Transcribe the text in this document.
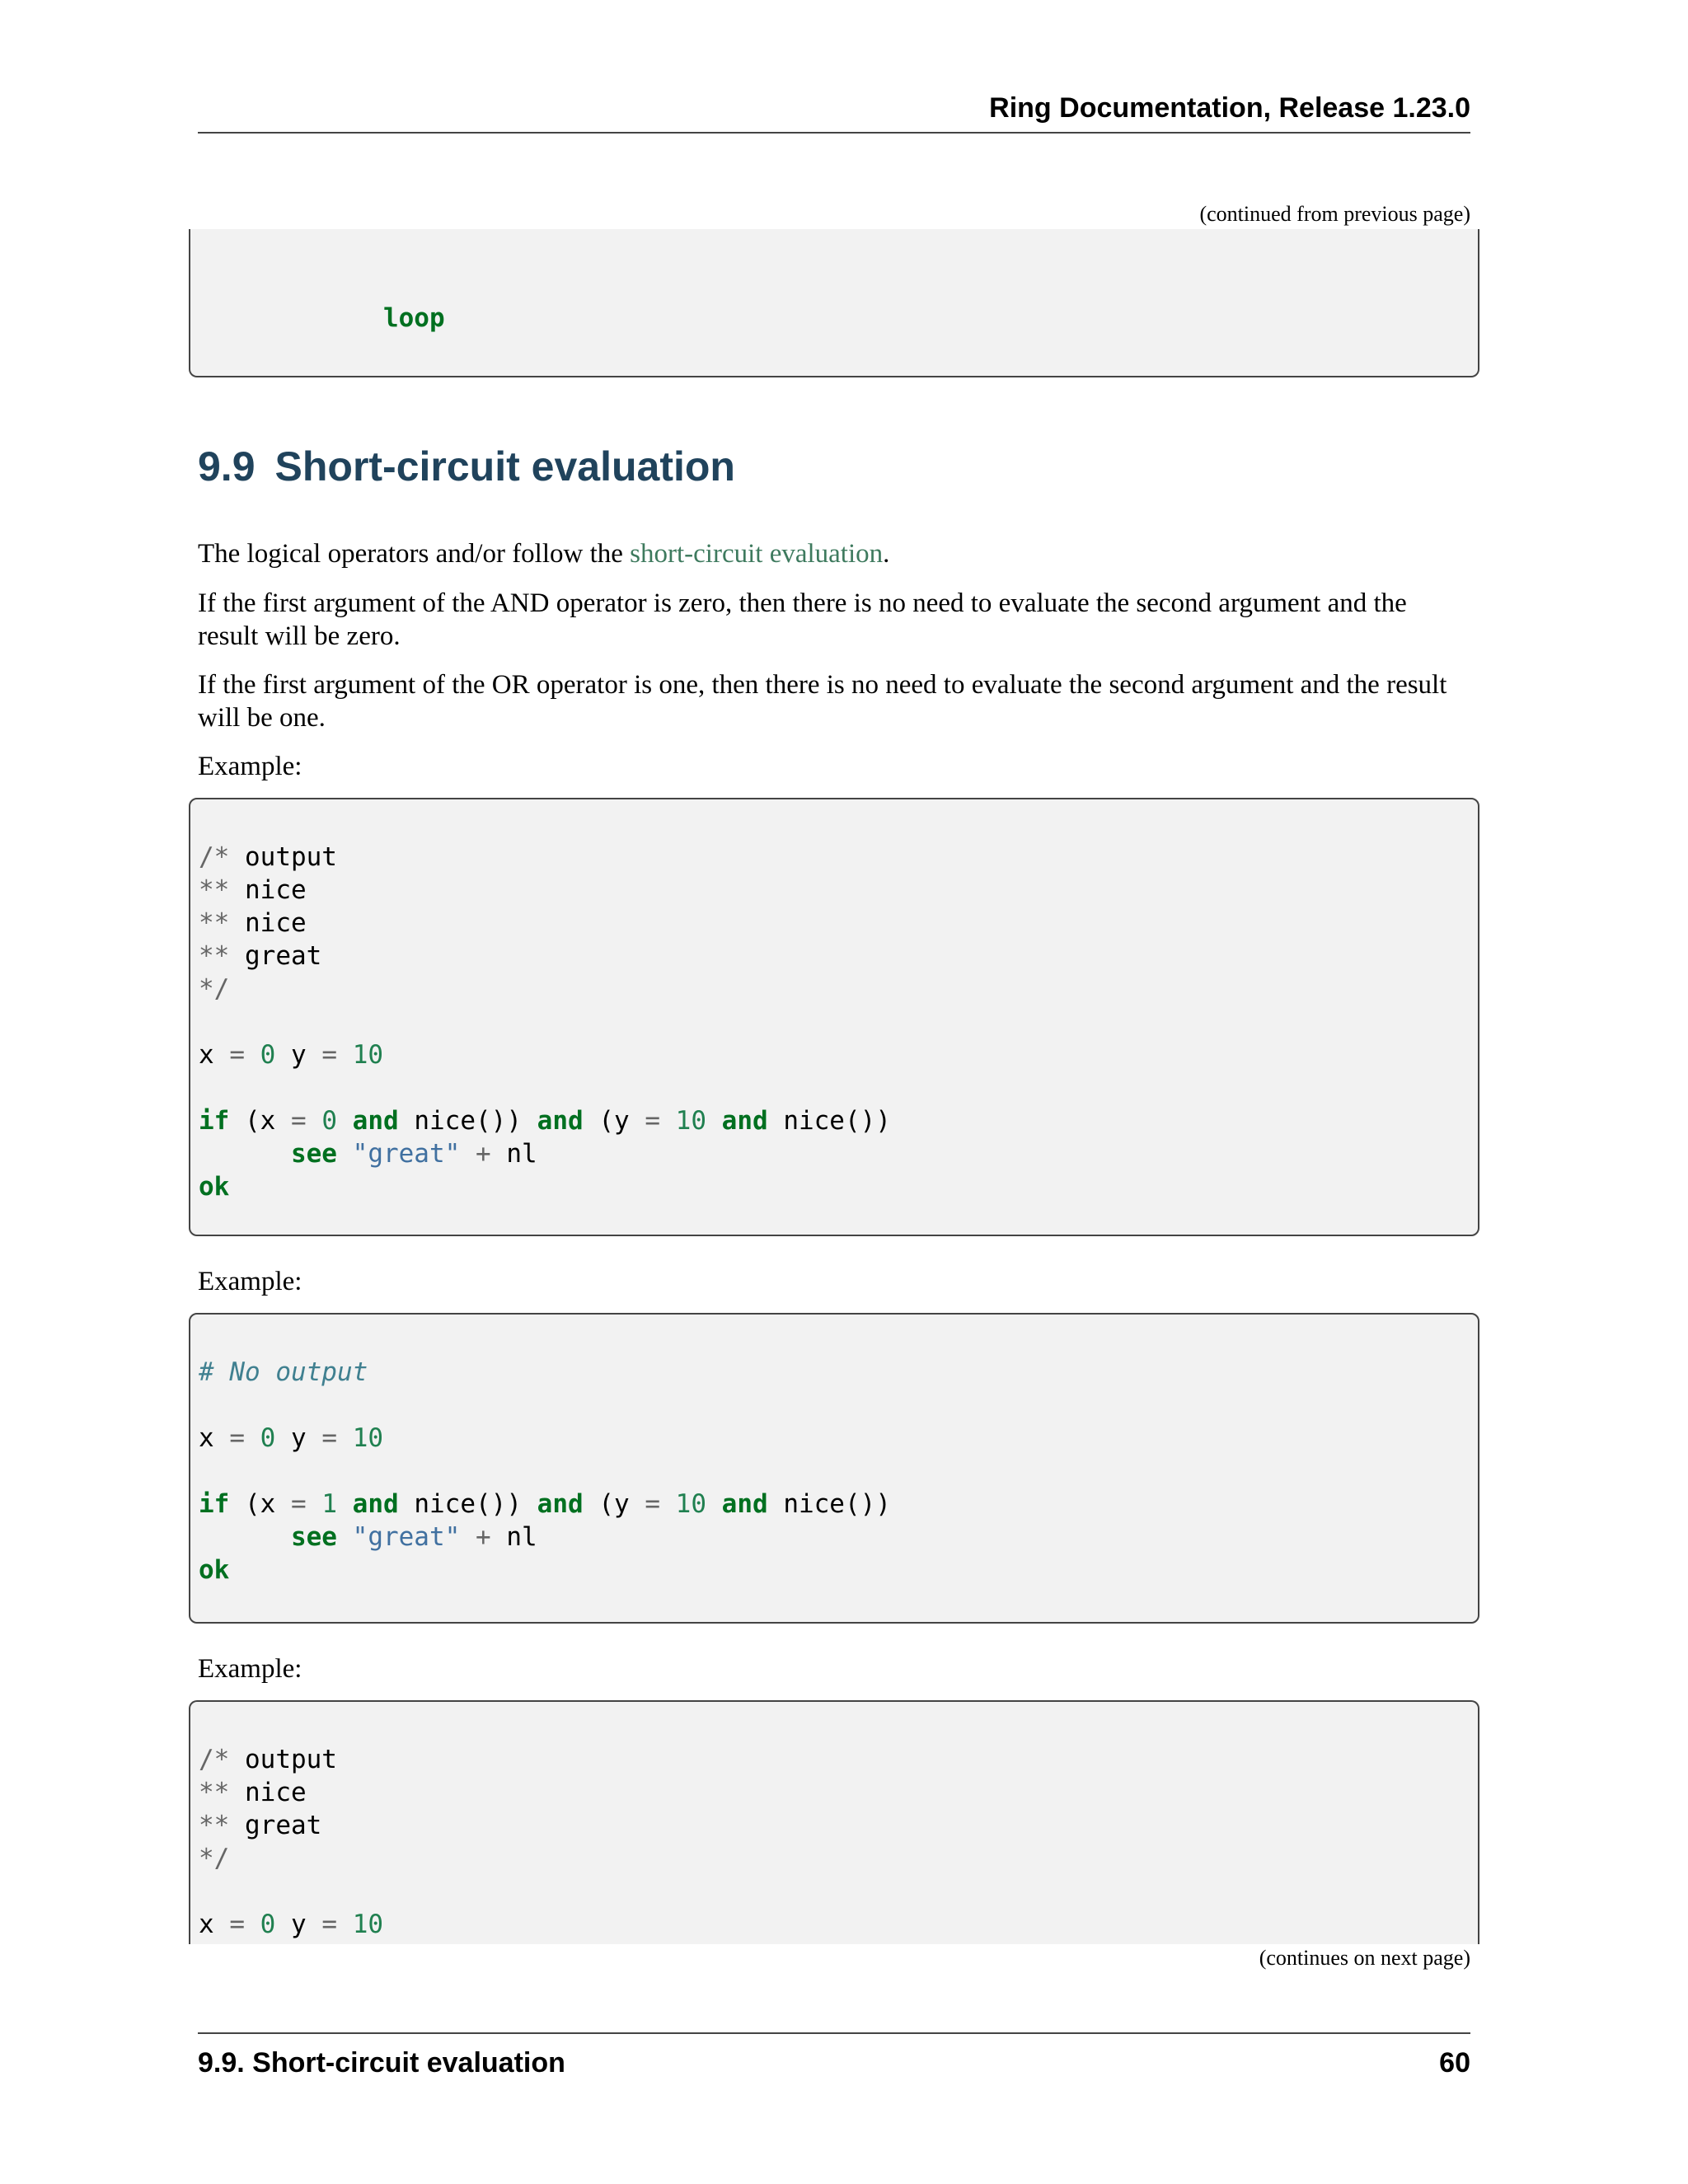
Ring Documentation, Release 1.23.0
(continued from previous page)

loop

9.9 Short-circuit evaluation

The logical operators and/or follow the short-circuit evaluation.

If the first argument of the AND operator is zero, then there is no need to evaluate the second argument and the result will be zero.

If the first argument of the OR operator is one, then there is no need to evaluate the second argument and the result will be one.

Example:

/* output
** nice
** nice
** great
*/
x = 0 y = 10
if (x = 0 and nice()) and (y = 10 and nice())
see "great" + nl
ok

Example:

# No output
x = 0 y = 10
if (x = 1 and nice()) and (y = 10 and nice())
see "great" + nl
ok

Example:

/* output
** nice
** great
*/
x = 0 y = 10

(continues on next page)
9.9. Short-circuit evaluation	60
